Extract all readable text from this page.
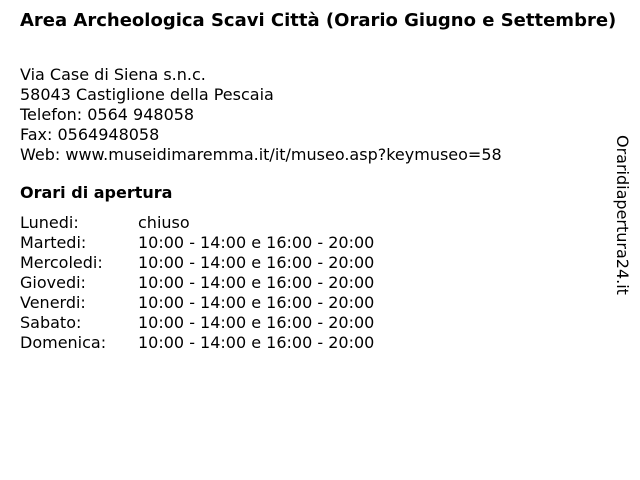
Area Archeologica Scavi Città (Orario Giugno e Settembre)
Via Case di Siena s.n.c.
58043 Castiglione della Pescaia
Telefon: 0564 948058
Fax: 0564948058
Web: www.museidimaremma.it/it/museo.asp?keymuseo=58
Orari di apertura
Lunedi:	chiuso
Martedi:	10:00 - 14:00 e 16:00 - 20:00
Mercoledi:	10:00 - 14:00 e 16:00 - 20:00
Giovedi:	10:00 - 14:00 e 16:00 - 20:00
Venerdi:	10:00 - 14:00 e 16:00 - 20:00
Sabato:	10:00 - 14:00 e 16:00 - 20:00
Domenica:	10:00 - 14:00 e 16:00 - 20:00
Oraridiapertura24.it
